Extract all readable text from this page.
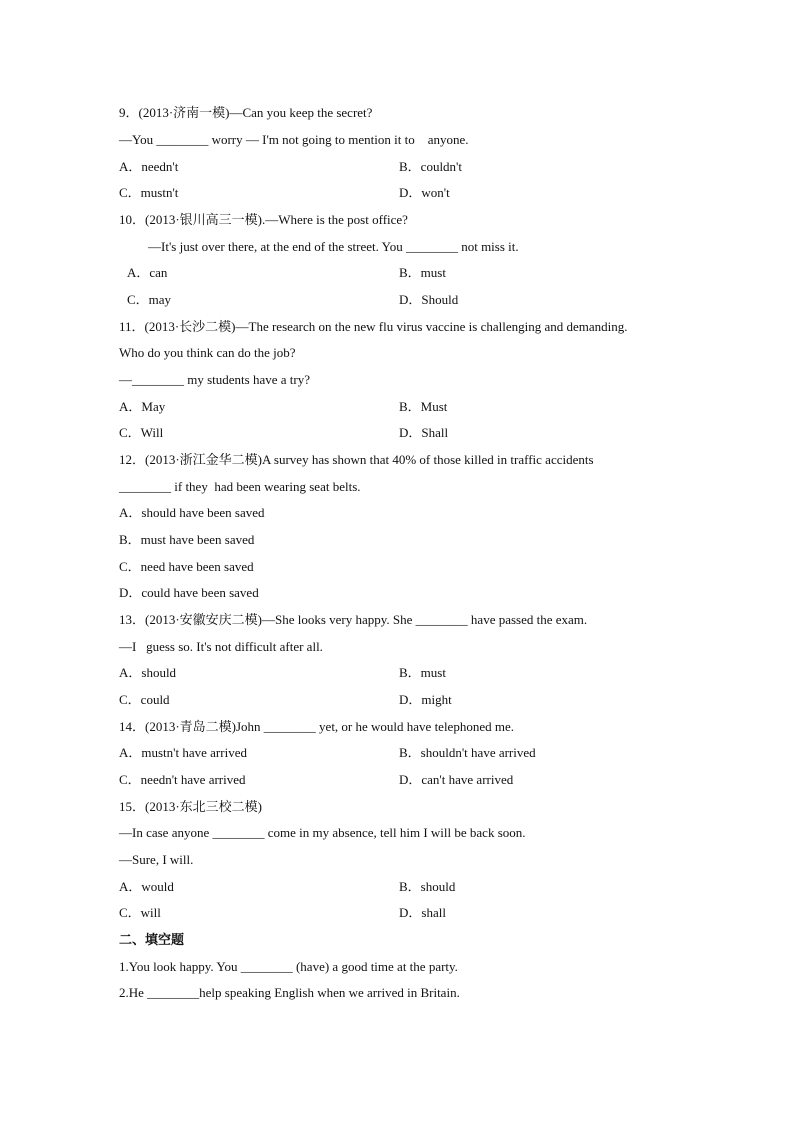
9．(2013·济南一模)—Can you keep the secret?
—You ________ worry — I'm not going to mention it to    anyone.
A．needn't	B．couldn't
C．mustn't	D．won't
10．(2013·银川高三一模).—Where is the post office?
—It's just over there, at the end of the street. You ________ not miss it.
A．can	B．must
C．may	D．Should
11．(2013·长沙二模)—The research on the new flu virus vaccine is challenging and demanding.
Who do you think can do the job?
—________ my students have a try?
A．May	B．Must
C．Will	D．Shall
12．(2013·浙江金华二模)A survey has shown that 40% of those killed in traffic accidents
________ if they  had been wearing seat belts.
A．should have been saved
B．must have been saved
C．need have been saved
D．could have been saved
13．(2013·安徽安庆二模)—She looks very happy. She ________ have passed the exam.
—I   guess so. It's not difficult after all.
A．should	B．must
C．could	D．might
14．(2013·青岛二模)John ________ yet, or he would have telephoned me.
A．mustn't have arrived	B．shouldn't have arrived
C．needn't have arrived	D．can't have arrived
15．(2013·东北三校二模)
—In case anyone ________ come in my absence, tell him I will be back soon.
—Sure, I will.
A．would	B．should
C．will	D．shall
二、填空题
1.You look happy. You ________ (have) a good time at the party.
2.He ________help speaking English when we arrived in Britain.
